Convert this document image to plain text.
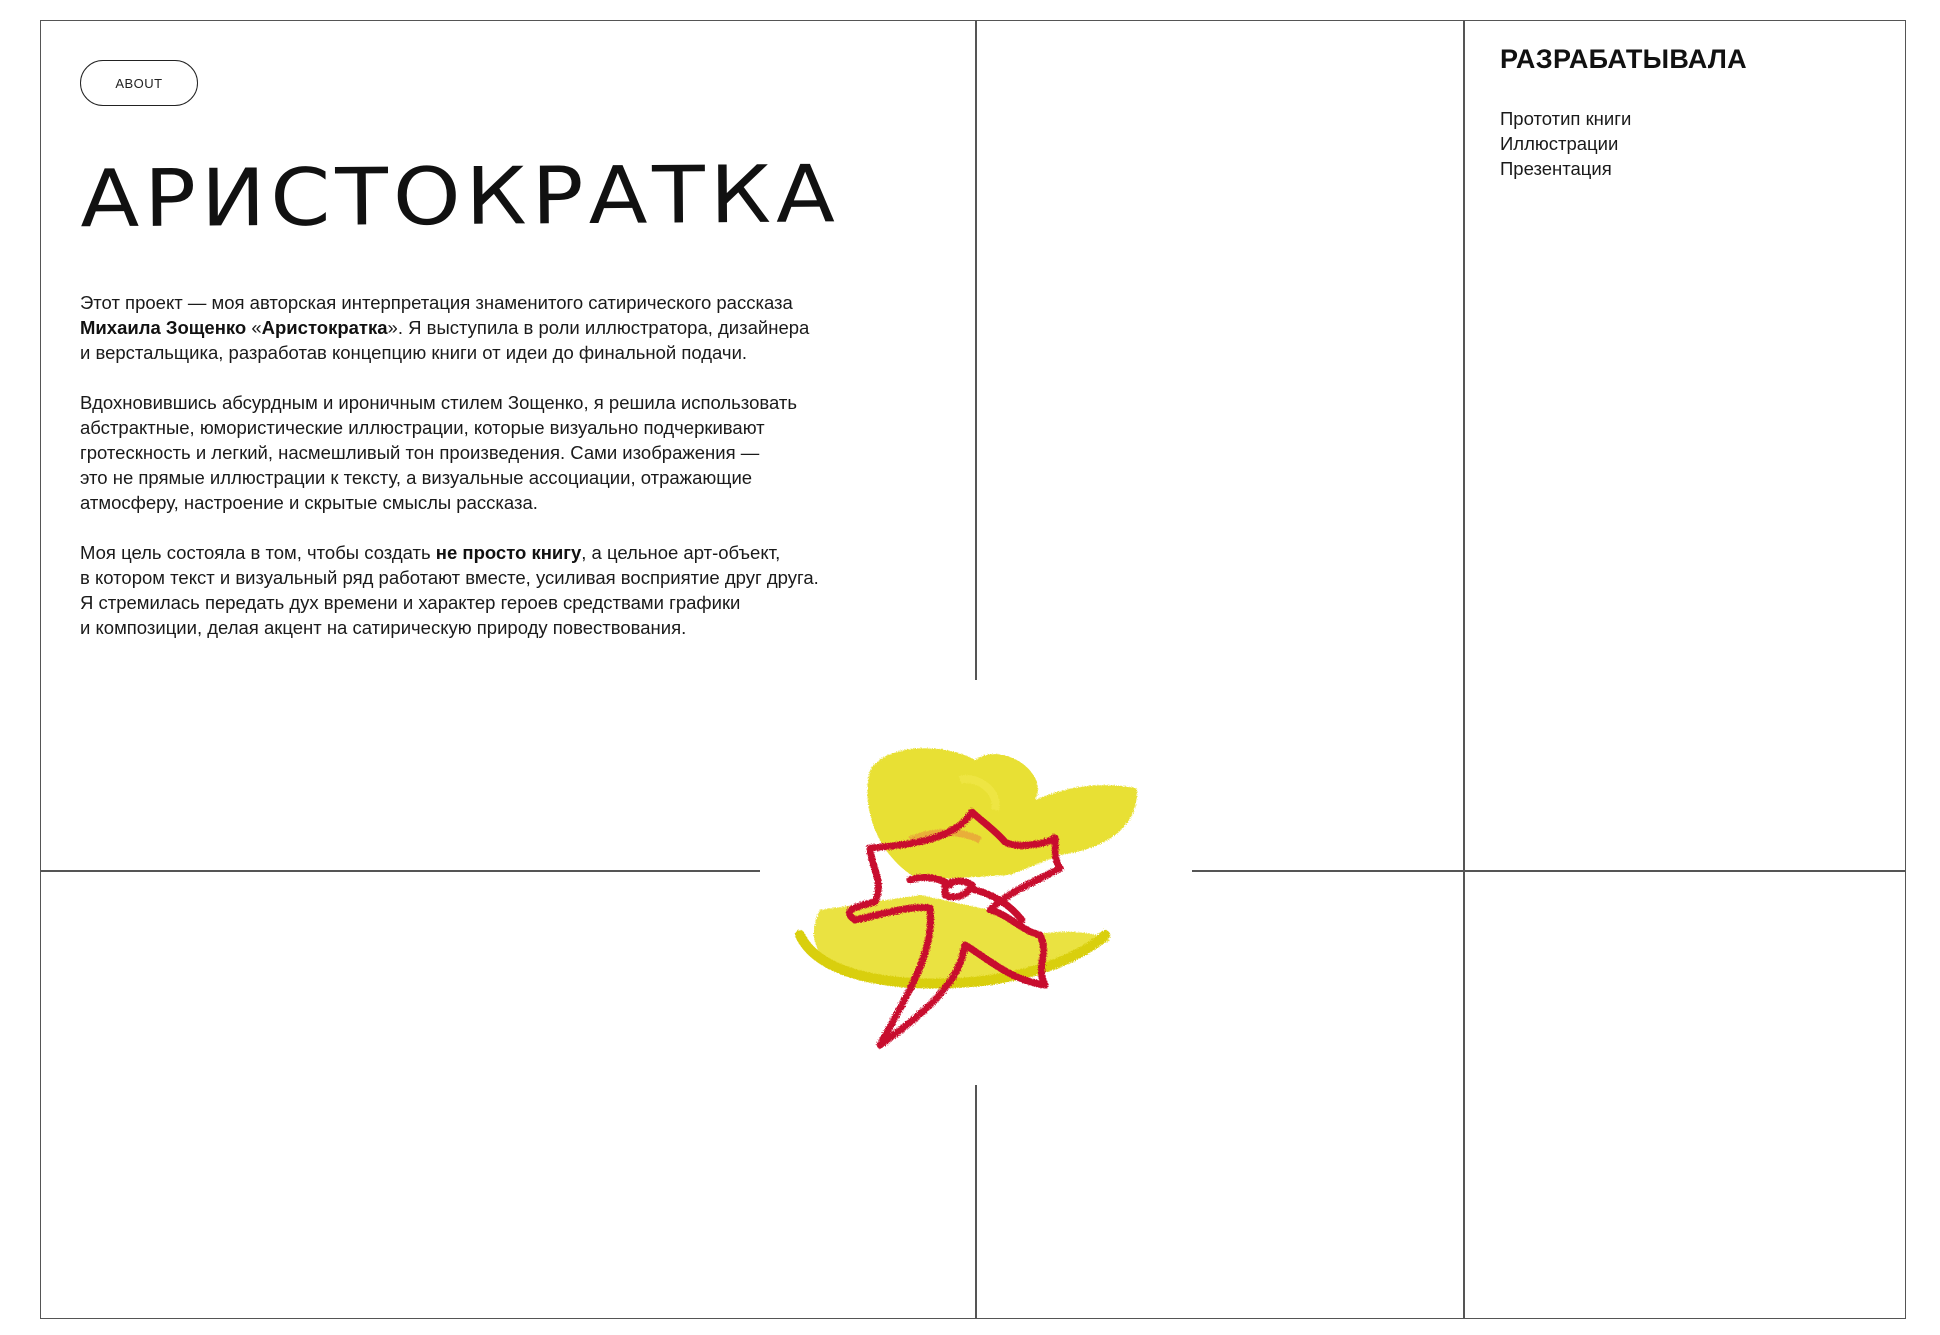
ABOUT
АРИСТОКРАТКА

Этот проект — моя авторская интерпретация знаменитого сатирического рассказа
Михаила Зощенко «Аристократка». Я выступила в роли иллюстратора, дизайнера
и верстальщика, разработав концепцию книги от идеи до финальной подачи.

Вдохновившись абсурдным и ироничным стилем Зощенко, я решила использовать
абстрактные, юмористические иллюстрации, которые визуально подчеркивают
гротескность и легкий, насмешливый тон произведения. Сами изображения —
это не прямые иллюстрации к тексту, а визуальные ассоциации, отражающие
атмосферу, настроение и скрытые смыслы рассказа.

Моя цель состояла в том, чтобы создать не просто книгу, а цельное арт-объект,
в котором текст и визуальный ряд работают вместе, усиливая восприятие друг друга.
Я стремилась передать дух времени и характер героев средствами графики
и композиции, делая акцент на сатирическую природу повествования.

РАЗРАБАТЫВАЛА
Прототип книги
Иллюстрации
Презентация
